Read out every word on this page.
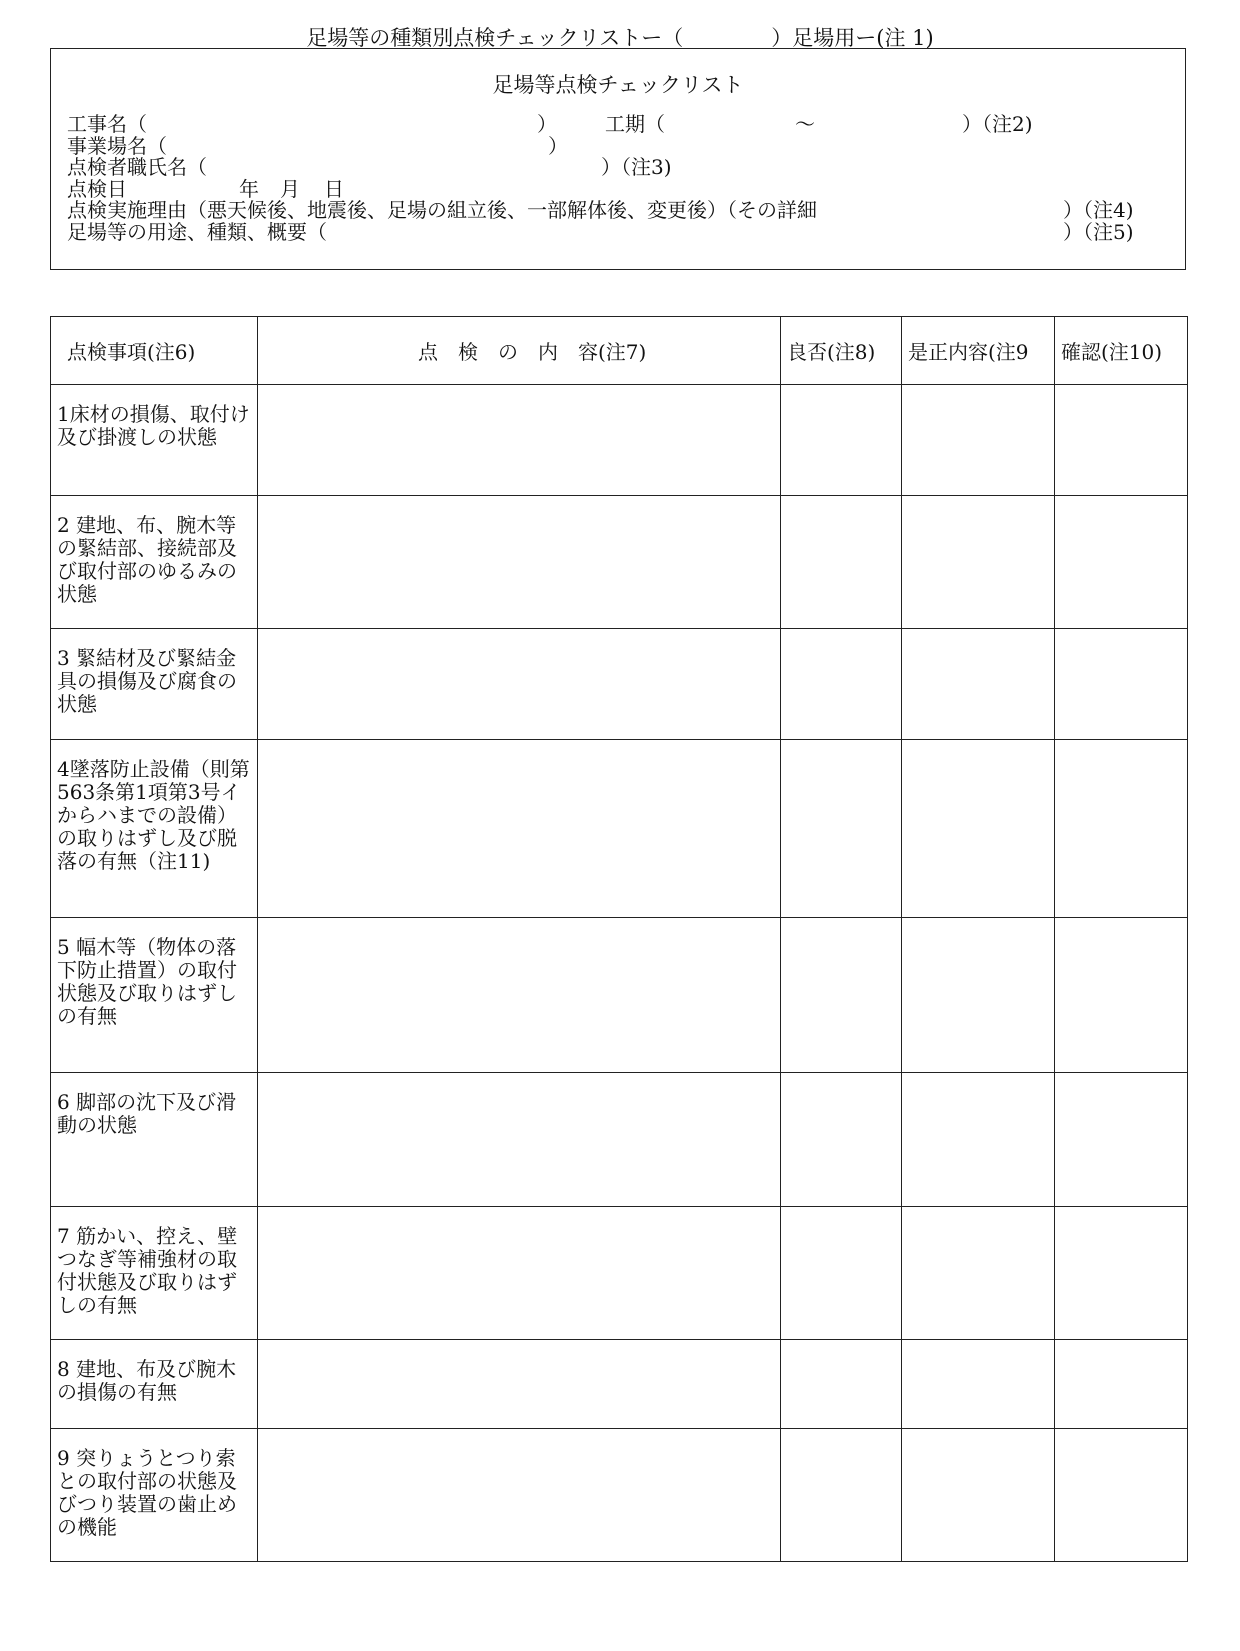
足場等の種類別点検チェックリストー（	）足場用ー(注 1)
足場等点検チェックリスト
工事名（	） 工期（	〜	）（注2)
事業場名（	）
点検者職氏名（	）（注3)
点検日	年 月 日
点検実施理由（悪天候後、地震後、足場の組立後、一部解体後、変更後）（その詳細	）（注4)
足場等の用途、種類、概要（	）（注5)
点検事項(注6)	点　検　の　内　容(注7)	良否(注8)	是正内容(注9	確認(注10)

1床材の損傷、取付け及び掛渡しの状態				

2 建地、布、腕木等の緊結部、接続部及び取付部のゆるみの状態				

3 緊結材及び緊結金具の損傷及び腐食の状態				

4墜落防止設備（則第563条第1項第3号イからハまでの設備）の取りはずし及び脱落の有無（注11)				

5 幅木等（物体の落下防止措置）の取付状態及び取りはずしの有無				

6 脚部の沈下及び滑動の状態				

7 筋かい、控え、壁つなぎ等補強材の取付状態及び取りはずしの有無				

8 建地、布及び腕木の損傷の有無				

9 突りょうとつり索との取付部の状態及びつり装置の歯止めの機能				
